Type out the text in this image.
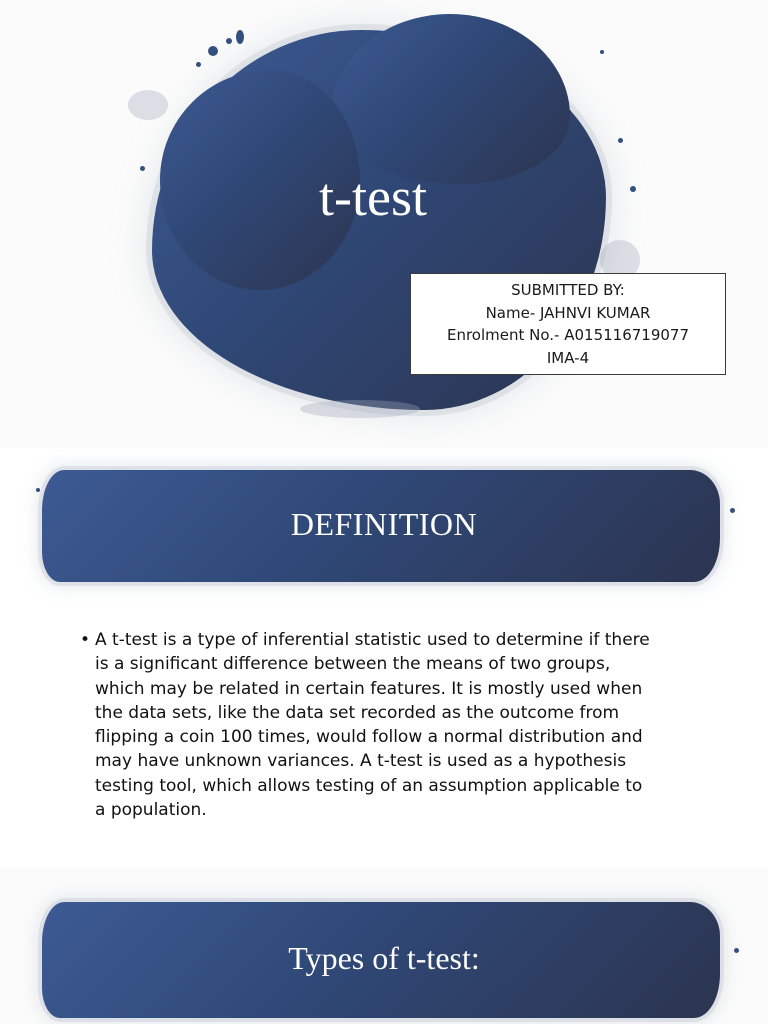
t-test
SUBMITTED BY:
Name- JAHNVI KUMAR
Enrolment No.- A015116719077
IMA-4
DEFINITION
• A t-test is a type of inferential statistic used to determine if there
is a significant difference between the means of two groups,
which may be related in certain features. It is mostly used when
the data sets, like the data set recorded as the outcome from
flipping a coin 100 times, would follow a normal distribution and
may have unknown variances. A t-test is used as a hypothesis
testing tool, which allows testing of an assumption applicable to
a population.
Types of t-test:
